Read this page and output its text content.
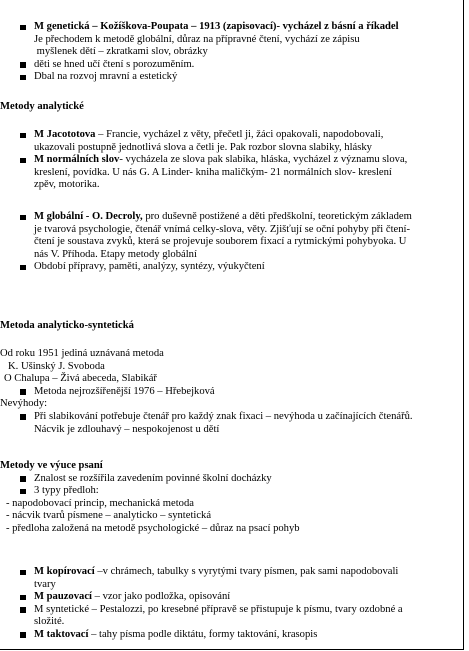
M genetická – Kožíškova-Poupata – 1913 (zapisovací)- vycházel z básní a říkadel
Je přechodem k metodě globální, důraz na přípravné čtení, vychází ze zápisu
myšlenek dětí – zkratkami slov, obrázky
děti se hned učí čtení s porozuměním.
Dbal na rozvoj mravní a estetický
Metody analytické
M Jacototova – Francie, vycházel z věty, přečetl ji, žáci opakovali, napodobovali,
ukazovali postupně jednotlivá slova a četli je. Pak rozbor slovna slabiky, hlásky
M normálních slov- vycházela ze slova pak slabika, hláska, vycházel z významu slova,
kreslení, povídka. U nás G. A Linder- kniha maličkým- 21 normálních slov- kreslení
zpěv, motorika.
M globální - O. Decroly, pro duševně postižené a děti předškolní, teoretickým základem
je tvarová psychologie, čtenář vnímá celky-slova, věty. Zjišťují se oční pohyby při čtení-
čtení je soustava zvyků, která se projevuje souborem fixací a rytmickými pohybyoka. U
nás V. Příhoda. Etapy metody globální
Období přípravy, paměti, analýzy, syntézy, výukyčtení
Metoda analyticko-syntetická
Od roku 1951 jediná uznávaná metoda
K. Ušinský J. Svoboda
O Chalupa – Živá abeceda, Slabikář
Metoda nejrozšířenější 1976 – Hřebejková
Nevýhody:
Při slabikování potřebuje čtenář pro každý znak fixaci – nevýhoda u začínajících čtenářů.
Nácvik je zdlouhavý – nespokojenost u dětí
Metody ve výuce psaní
Znalost se rozšířila zavedením povinné školní docházky
3 typy předloh:
- napodobovací princip, mechanická metoda
- nácvik tvarů písmene – analyticko – syntetická
- předloha založená na metodě psychologické – důraz na psací pohyb
M kopírovací –v chrámech, tabulky s vyrytými tvary písmen, pak sami napodobovali
tvary
M pauzovací – vzor jako podložka, opisování
M syntetické – Pestalozzi, po kresebné přípravě se přistupuje k písmu, tvary ozdobné a
složité.
M taktovací – tahy písma podle diktátu, formy taktování, krasopis
